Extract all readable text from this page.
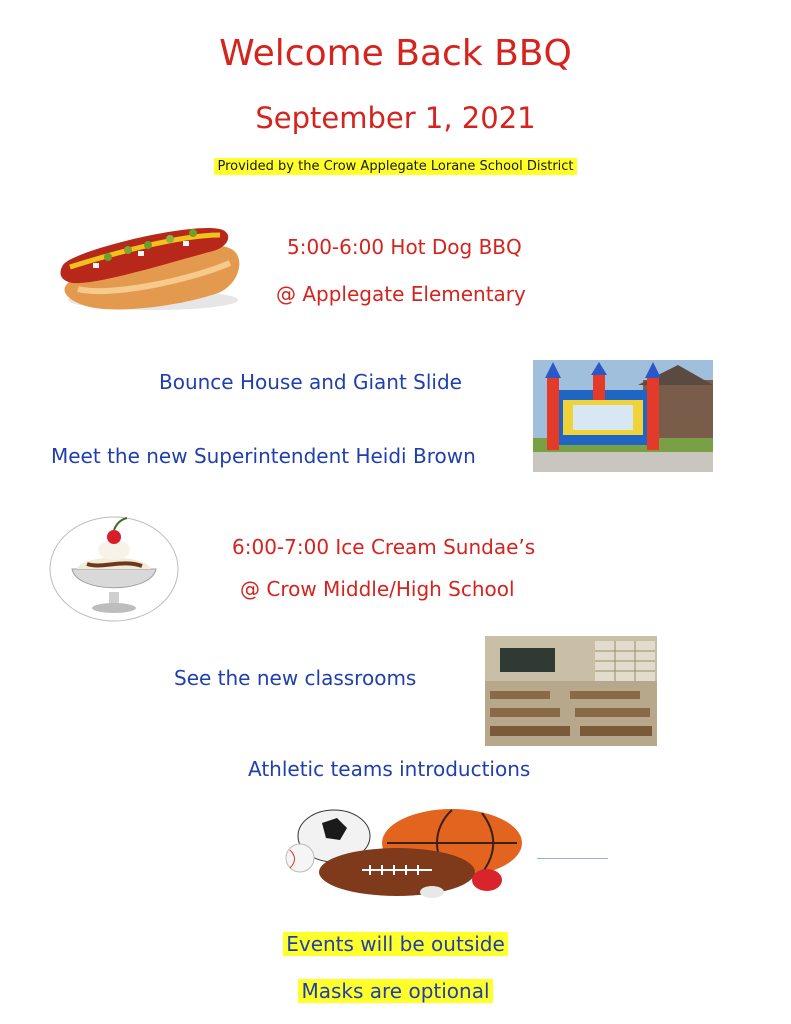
Welcome Back BBQ
September 1, 2021
Provided by the Crow Applegate Lorane School District
5:00-6:00 Hot Dog BBQ
@ Applegate Elementary
Bounce House and Giant Slide
Meet the new Superintendent Heidi Brown
6:00-7:00 Ice Cream Sundae’s
@ Crow Middle/High School
See the new classrooms
Athletic teams introductions
Events will be outside
Masks are optional
